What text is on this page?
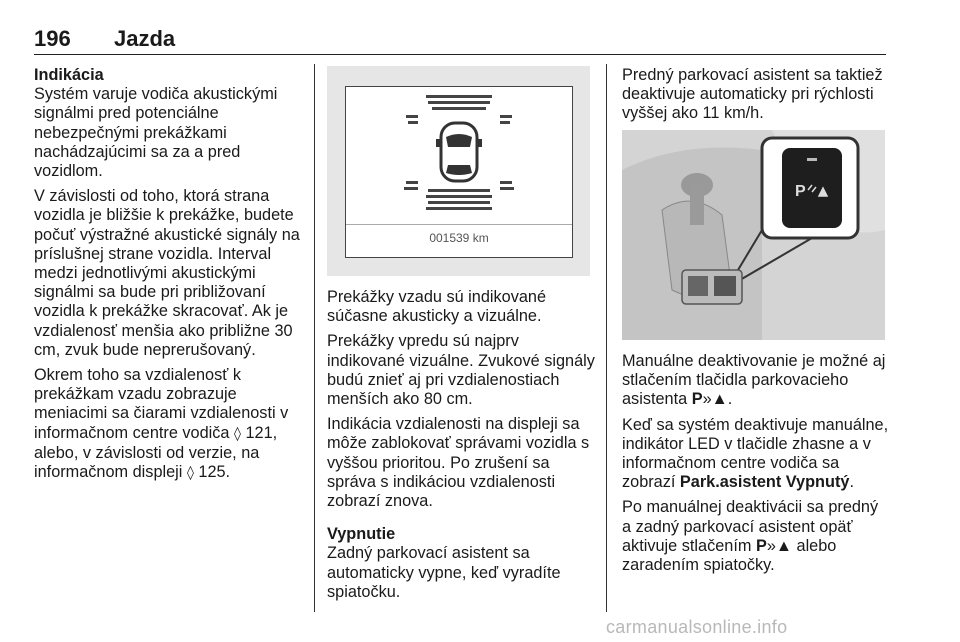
196 Jazda
Indikácia

Systém varuje vodiča akustickými signálmi pred potenciálne nebezpečnými prekážkami nachádzajúcimi sa za a pred vozidlom.

V závislosti od toho, ktorá strana vozidla je bližšie k prekážke, budete počuť výstražné akustické signály na príslušnej strane vozidla. Interval medzi jednotlivými akustickými signálmi sa bude pri približovaní vozidla k prekážke skracovať. Ak je vzdialenosť menšia ako približne 30 cm, zvuk bude neprerušovaný.

Okrem toho sa vzdialenosť k prekážkam vzadu zobrazuje meniacimi sa čiarami vzdialenosti v informačnom centre vodiča ◊ 121, alebo, v závislosti od verzie, na informačnom displeji ◊ 125.

001539 km

Prekážky vzadu sú indikované súčasne akusticky a vizuálne.

Prekážky vpredu sú najprv indikované vizuálne. Zvukové signály budú znieť aj pri vzdialenostiach menších ako 80 cm.

Indikácia vzdialenosti na displeji sa môže zablokovať správami vozidla s vyššou prioritou. Po zrušení sa správa s indikáciou vzdialenosti zobrazí znova.

Vypnutie

Zadný parkovací asistent sa automaticky vypne, keď vyradíte spiatočku.

Predný parkovací asistent sa taktiež deaktivuje automaticky pri rýchlosti vyššej ako 11 km/h.

P

Manuálne deaktivovanie je možné aj stlačením tlačidla parkovacieho asistenta P»▲.

Keď sa systém deaktivuje manuálne, indikátor LED v tlačidle zhasne a v informačnom centre vodiča sa zobrazí Park.asistent Vypnutý.

Po manuálnej deaktivácii sa predný a zadný parkovací asistent opäť aktivuje stlačením P»▲ alebo zaradením spiatočky.

carmanualsonline.info
